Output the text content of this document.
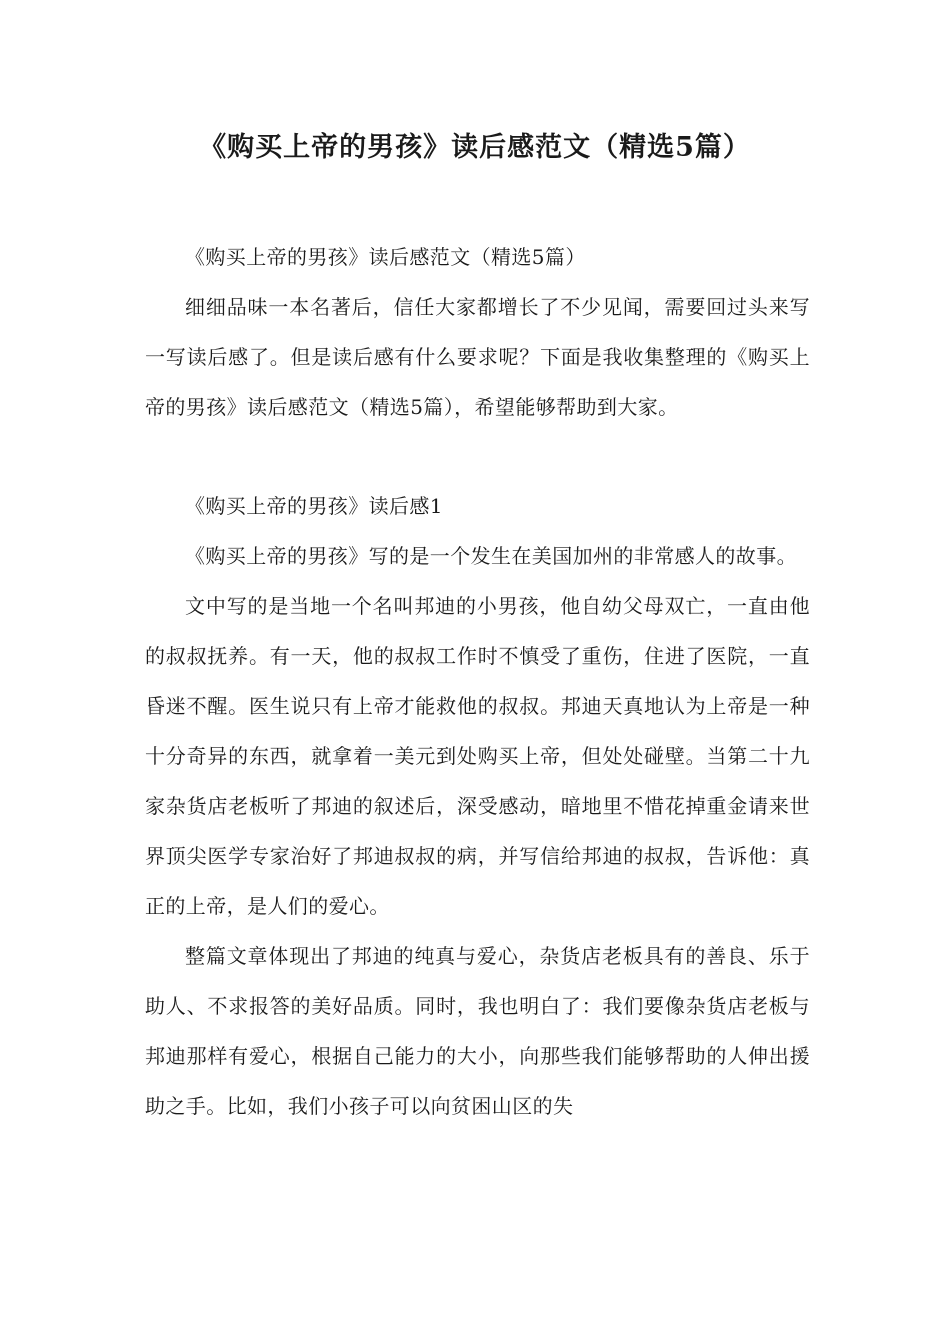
《购买上帝的男孩》读后感范文（精选5篇）

《购买上帝的男孩》读后感范文（精选5篇）

细细品味一本名著后，信任大家都增长了不少见闻，需要回过头来写一写读后感了。但是读后感有什么要求呢？下面是我收集整理的《购买上帝的男孩》读后感范文（精选5篇），希望能够帮助到大家。

《购买上帝的男孩》读后感1

《购买上帝的男孩》写的是一个发生在美国加州的非常感人的故事。

文中写的是当地一个名叫邦迪的小男孩，他自幼父母双亡，一直由他的叔叔抚养。有一天，他的叔叔工作时不慎受了重伤，住进了医院，一直昏迷不醒。医生说只有上帝才能救他的叔叔。邦迪天真地认为上帝是一种十分奇异的东西，就拿着一美元到处购买上帝，但处处碰壁。当第二十九家杂货店老板听了邦迪的叙述后，深受感动，暗地里不惜花掉重金请来世界顶尖医学专家治好了邦迪叔叔的病，并写信给邦迪的叔叔，告诉他：真正的上帝，是人们的爱心。

整篇文章体现出了邦迪的纯真与爱心，杂货店老板具有的善良、乐于助人、不求报答的美好品质。同时，我也明白了：我们要像杂货店老板与邦迪那样有爱心，根据自己能力的大小，向那些我们能够帮助的人伸出援助之手。比如，我们小孩子可以向贫困山区的失
